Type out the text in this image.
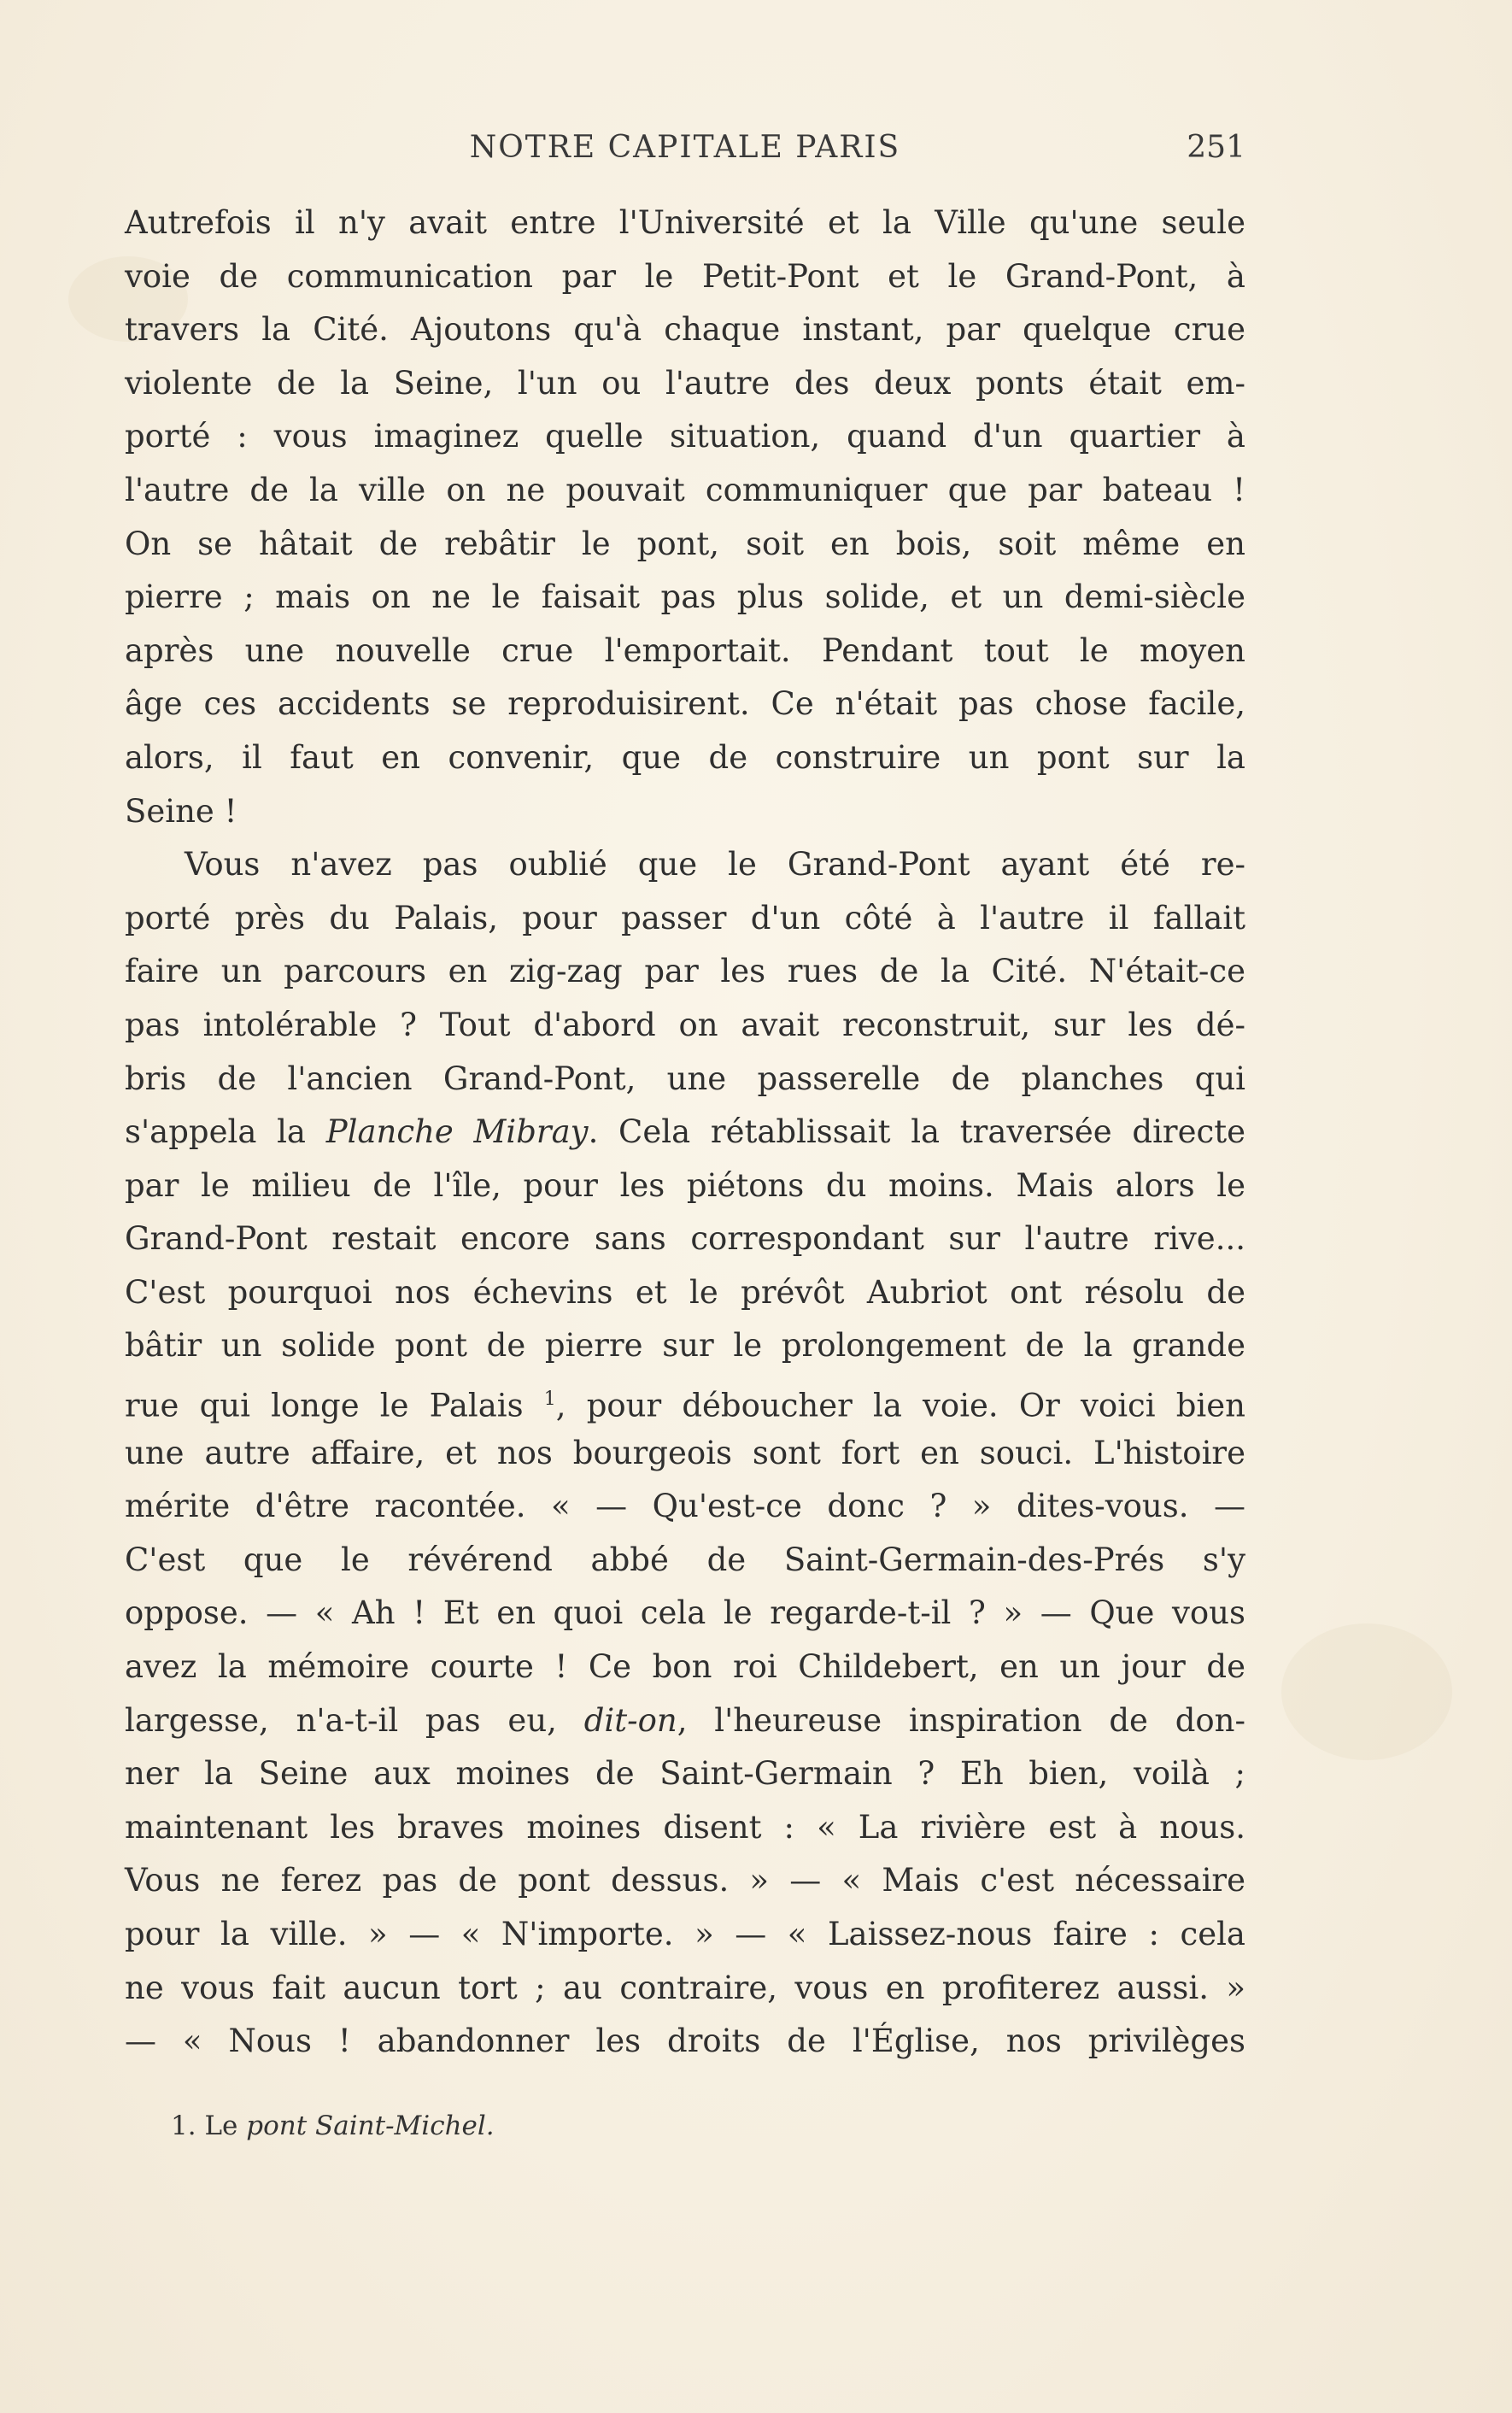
NOTRE CAPITALE PARIS	251
Autrefois il n'y avait entre l'Université et la Ville qu'une seule
voie de communication par le Petit-Pont et le Grand-Pont, à
travers la Cité. Ajoutons qu'à chaque instant, par quelque crue
violente de la Seine, l'un ou l'autre des deux ponts était em-
porté : vous imaginez quelle situation, quand d'un quartier à
l'autre de la ville on ne pouvait communiquer que par bateau !
On se hâtait de rebâtir le pont, soit en bois, soit même en
pierre ; mais on ne le faisait pas plus solide, et un demi-siècle
après une nouvelle crue l'emportait. Pendant tout le moyen
âge ces accidents se reproduisirent. Ce n'était pas chose facile,
alors, il faut en convenir, que de construire un pont sur la
Seine !
Vous n'avez pas oublié que le Grand-Pont ayant été re-
porté près du Palais, pour passer d'un côté à l'autre il fallait
faire un parcours en zig-zag par les rues de la Cité. N'était-ce
pas intolérable ? Tout d'abord on avait reconstruit, sur les dé-
bris de l'ancien Grand-Pont, une passerelle de planches qui
s'appela la Planche Mibray. Cela rétablissait la traversée directe
par le milieu de l'île, pour les piétons du moins. Mais alors le
Grand-Pont restait encore sans correspondant sur l'autre rive...
C'est pourquoi nos échevins et le prévôt Aubriot ont résolu de
bâtir un solide pont de pierre sur le prolongement de la grande
rue qui longe le Palais $^1$, pour déboucher la voie. Or voici bien
une autre affaire, et nos bourgeois sont fort en souci. L'histoire
mérite d'être racontée. « — Qu'est-ce donc ? » dites-vous. —
C'est que le révérend abbé de Saint-Germain-des-Prés s'y
oppose. — « Ah ! Et en quoi cela le regarde-t-il ? » — Que vous
avez la mémoire courte ! Ce bon roi Childebert, en un jour de
largesse, n'a-t-il pas eu, dit-on, l'heureuse inspiration de don-
ner la Seine aux moines de Saint-Germain ? Eh bien, voilà ;
maintenant les braves moines disent : « La rivière est à nous.
Vous ne ferez pas de pont dessus. » — « Mais c'est nécessaire
pour la ville. » — « N'importe. » — « Laissez-nous faire : cela
ne vous fait aucun tort ; au contraire, vous en profiterez aussi. »
— « Nous ! abandonner les droits de l'Église, nos privilèges
1. Le pont Saint-Michel.
